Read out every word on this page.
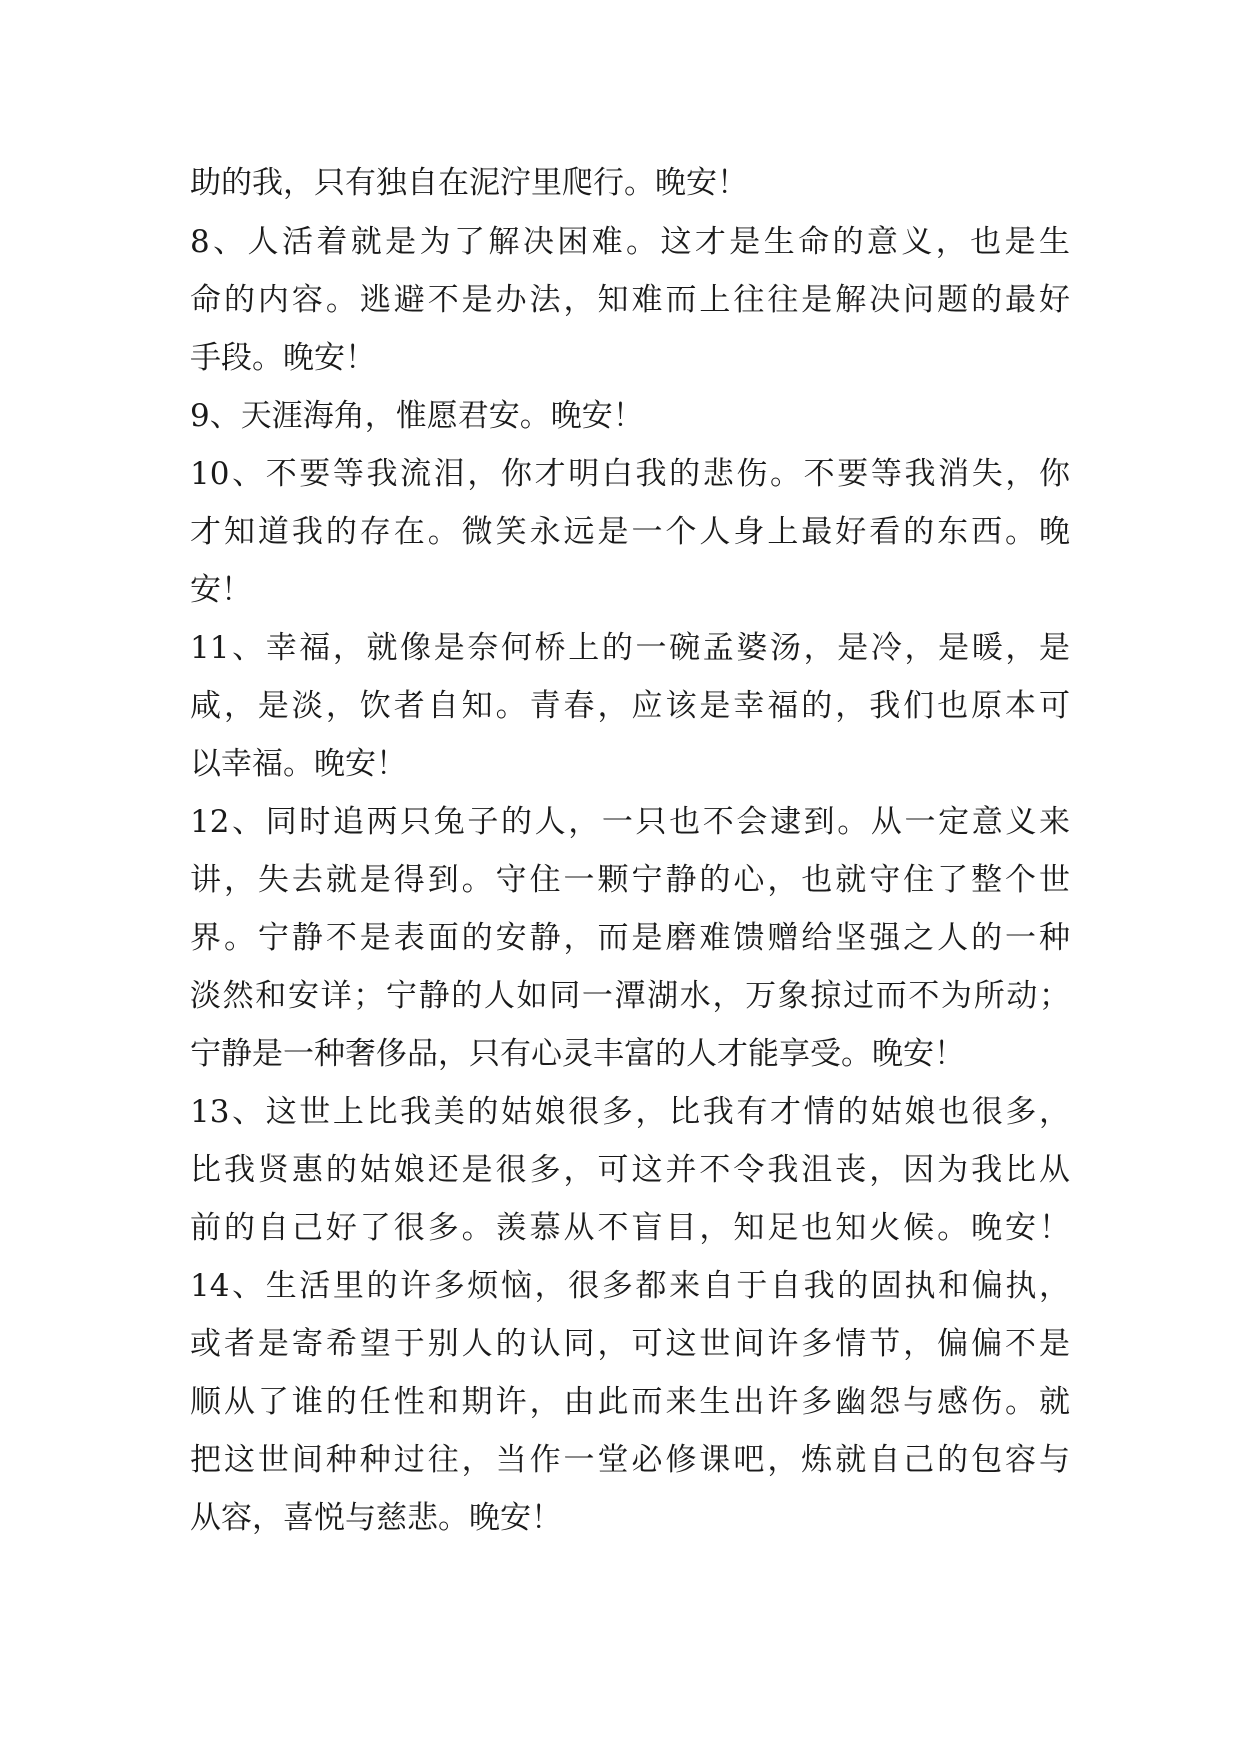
助的我，只有独自在泥泞里爬行。晚安！
8、人活着就是为了解决困难。这才是生命的意义，也是生
命的内容。逃避不是办法，知难而上往往是解决问题的最好
手段。晚安！
9、天涯海角，惟愿君安。晚安！
10、不要等我流泪，你才明白我的悲伤。不要等我消失，你
才知道我的存在。微笑永远是一个人身上最好看的东西。晚
安！
11、幸福，就像是奈何桥上的一碗孟婆汤，是冷，是暖，是
咸，是淡，饮者自知。青春，应该是幸福的，我们也原本可
以幸福。晚安！
12、同时追两只兔子的人，一只也不会逮到。从一定意义来
讲，失去就是得到。守住一颗宁静的心，也就守住了整个世
界。宁静不是表面的安静，而是磨难馈赠给坚强之人的一种
淡然和安详；宁静的人如同一潭湖水，万象掠过而不为所动；
宁静是一种奢侈品，只有心灵丰富的人才能享受。晚安！
13、这世上比我美的姑娘很多，比我有才情的姑娘也很多，
比我贤惠的姑娘还是很多，可这并不令我沮丧，因为我比从
前的自己好了很多。羡慕从不盲目，知足也知火候。晚安！
14、生活里的许多烦恼，很多都来自于自我的固执和偏执，
或者是寄希望于别人的认同，可这世间许多情节，偏偏不是
顺从了谁的任性和期许，由此而来生出许多幽怨与感伤。就
把这世间种种过往，当作一堂必修课吧，炼就自己的包容与
从容，喜悦与慈悲。晚安！
